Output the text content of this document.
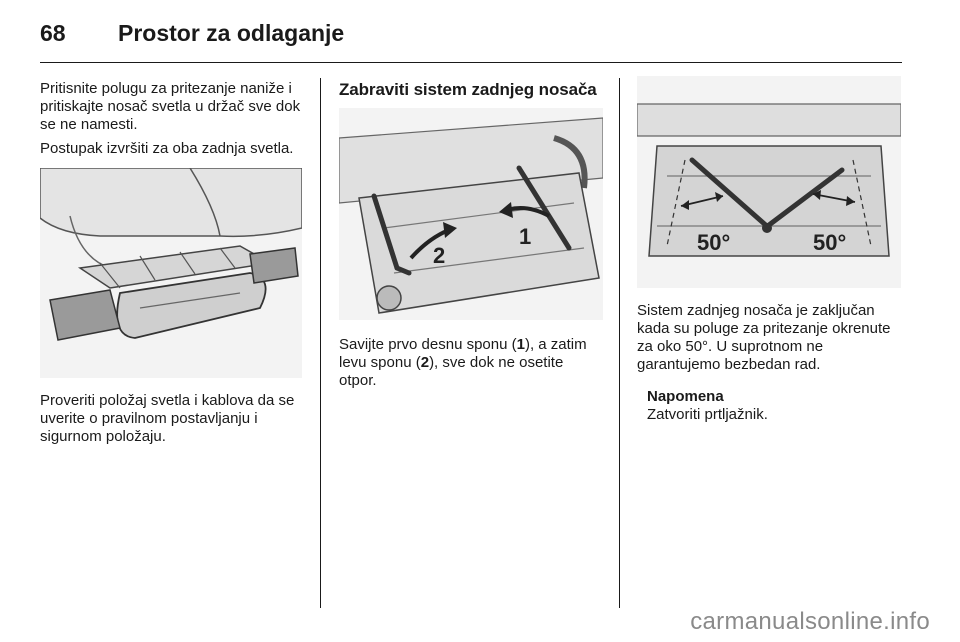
68 Prostor za odlaganje

Pritisnite polugu za pritezanje naniže i pritiskajte nosač svetla u držač sve dok se ne namesti.

Postupak izvršiti za oba zadnja svetla.

Proveriti položaj svetla i kablova da se uverite o pravilnom postavljanju i sigurnom položaju.

Zabraviti sistem zadnjeg nosača

2
1

Savijte prvo desnu sponu (1), a zatim levu sponu (2), sve dok ne osetite otpor.

50°	50°

Sistem zadnjeg nosača je zaključan kada su poluge za pritezanje okrenute za oko 50°. U suprotnom ne garantujemo bezbedan rad.

Napomena

Zatvoriti prtljažnik.

carmanualsonline.info
